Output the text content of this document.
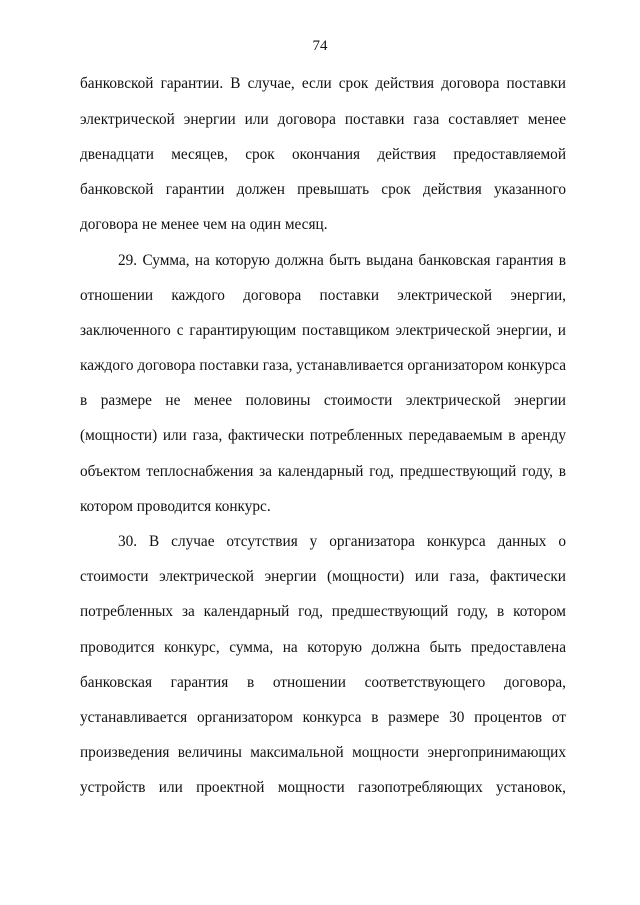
74
банковской гарантии. В случае, если срок действия договора поставки
электрической энергии или договора поставки газа составляет менее
двенадцати месяцев, срок окончания действия предоставляемой
банковской гарантии должен превышать срок действия указанного
договора не менее чем на один месяц.
29. Сумма, на которую должна быть выдана банковская гарантия в
отношении каждого договора поставки электрической энергии,
заключенного с гарантирующим поставщиком электрической энергии, и
каждого договора поставки газа, устанавливается организатором конкурса
в размере не менее половины стоимости электрической энергии
(мощности) или газа, фактически потребленных передаваемым в аренду
объектом теплоснабжения за календарный год, предшествующий году, в
котором проводится конкурс.
30. В случае отсутствия у организатора конкурса данных о
стоимости электрической энергии (мощности) или газа, фактически
потребленных за календарный год, предшествующий году, в котором
проводится конкурс, сумма, на которую должна быть предоставлена
банковская гарантия в отношении соответствующего договора,
устанавливается организатором конкурса в размере 30 процентов от
произведения величины максимальной мощности энергопринимающих
устройств или проектной мощности газопотребляющих установок,
